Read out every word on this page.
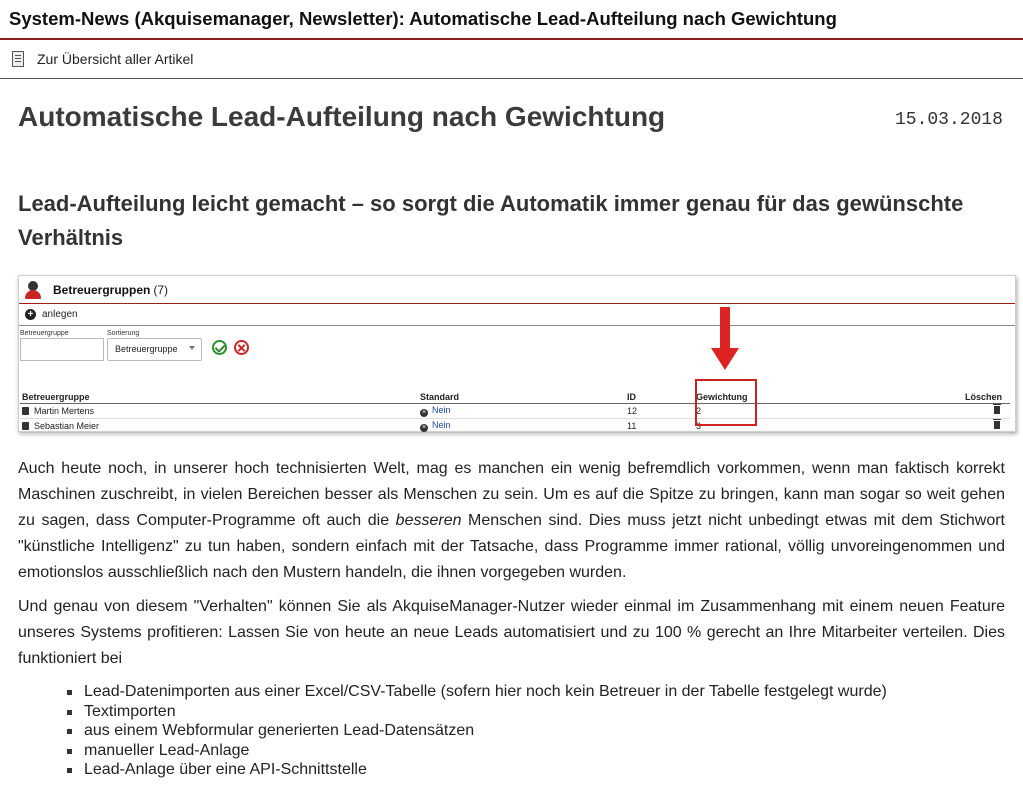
System-News (Akquisemanager, Newsletter): Automatische Lead-Aufteilung nach Gewichtung
Zur Übersicht aller Artikel
Automatische Lead-Aufteilung nach Gewichtung	15.03.2018
Lead-Aufteilung leicht gemacht – so sorgt die Automatik immer genau für das gewünschte Verhältnis
Betreuergruppen (7)
+ anlegen
Betreuergruppe	Sortierung
Betreuergruppe
Betreuergruppe	Standard	ID	Gewichtung	Löschen
Martin Mertens	× Nein	12	2	
Sebastian Meier	× Nein	11	3	

Auch heute noch, in unserer hoch technisierten Welt, mag es manchen ein wenig befremdlich vorkommen, wenn man faktisch korrekt Maschinen zuschreibt, in vielen Bereichen besser als Menschen zu sein. Um es auf die Spitze zu bringen, kann man sogar so weit gehen zu sagen, dass Computer-Programme oft auch die besseren Menschen sind. Dies muss jetzt nicht unbedingt etwas mit dem Stichwort "künstliche Intelligenz" zu tun haben, sondern einfach mit der Tatsache, dass Programme immer rational, völlig unvoreingenommen und emotionslos ausschließlich nach den Mustern handeln, die ihnen vorgegeben wurden.

Und genau von diesem "Verhalten" können Sie als AkquiseManager-Nutzer wieder einmal im Zusammenhang mit einem neuen Feature unseres Systems profitieren: Lassen Sie von heute an neue Leads automatisiert und zu 100 % gerecht an Ihre Mitarbeiter verteilen. Dies funktioniert bei

Lead-Datenimporten aus einer Excel/CSV-Tabelle (sofern hier noch kein Betreuer in der Tabelle festgelegt wurde)
Textimporten
aus einem Webformular generierten Lead-Datensätzen
manueller Lead-Anlage
Lead-Anlage über eine API-Schnittstelle
